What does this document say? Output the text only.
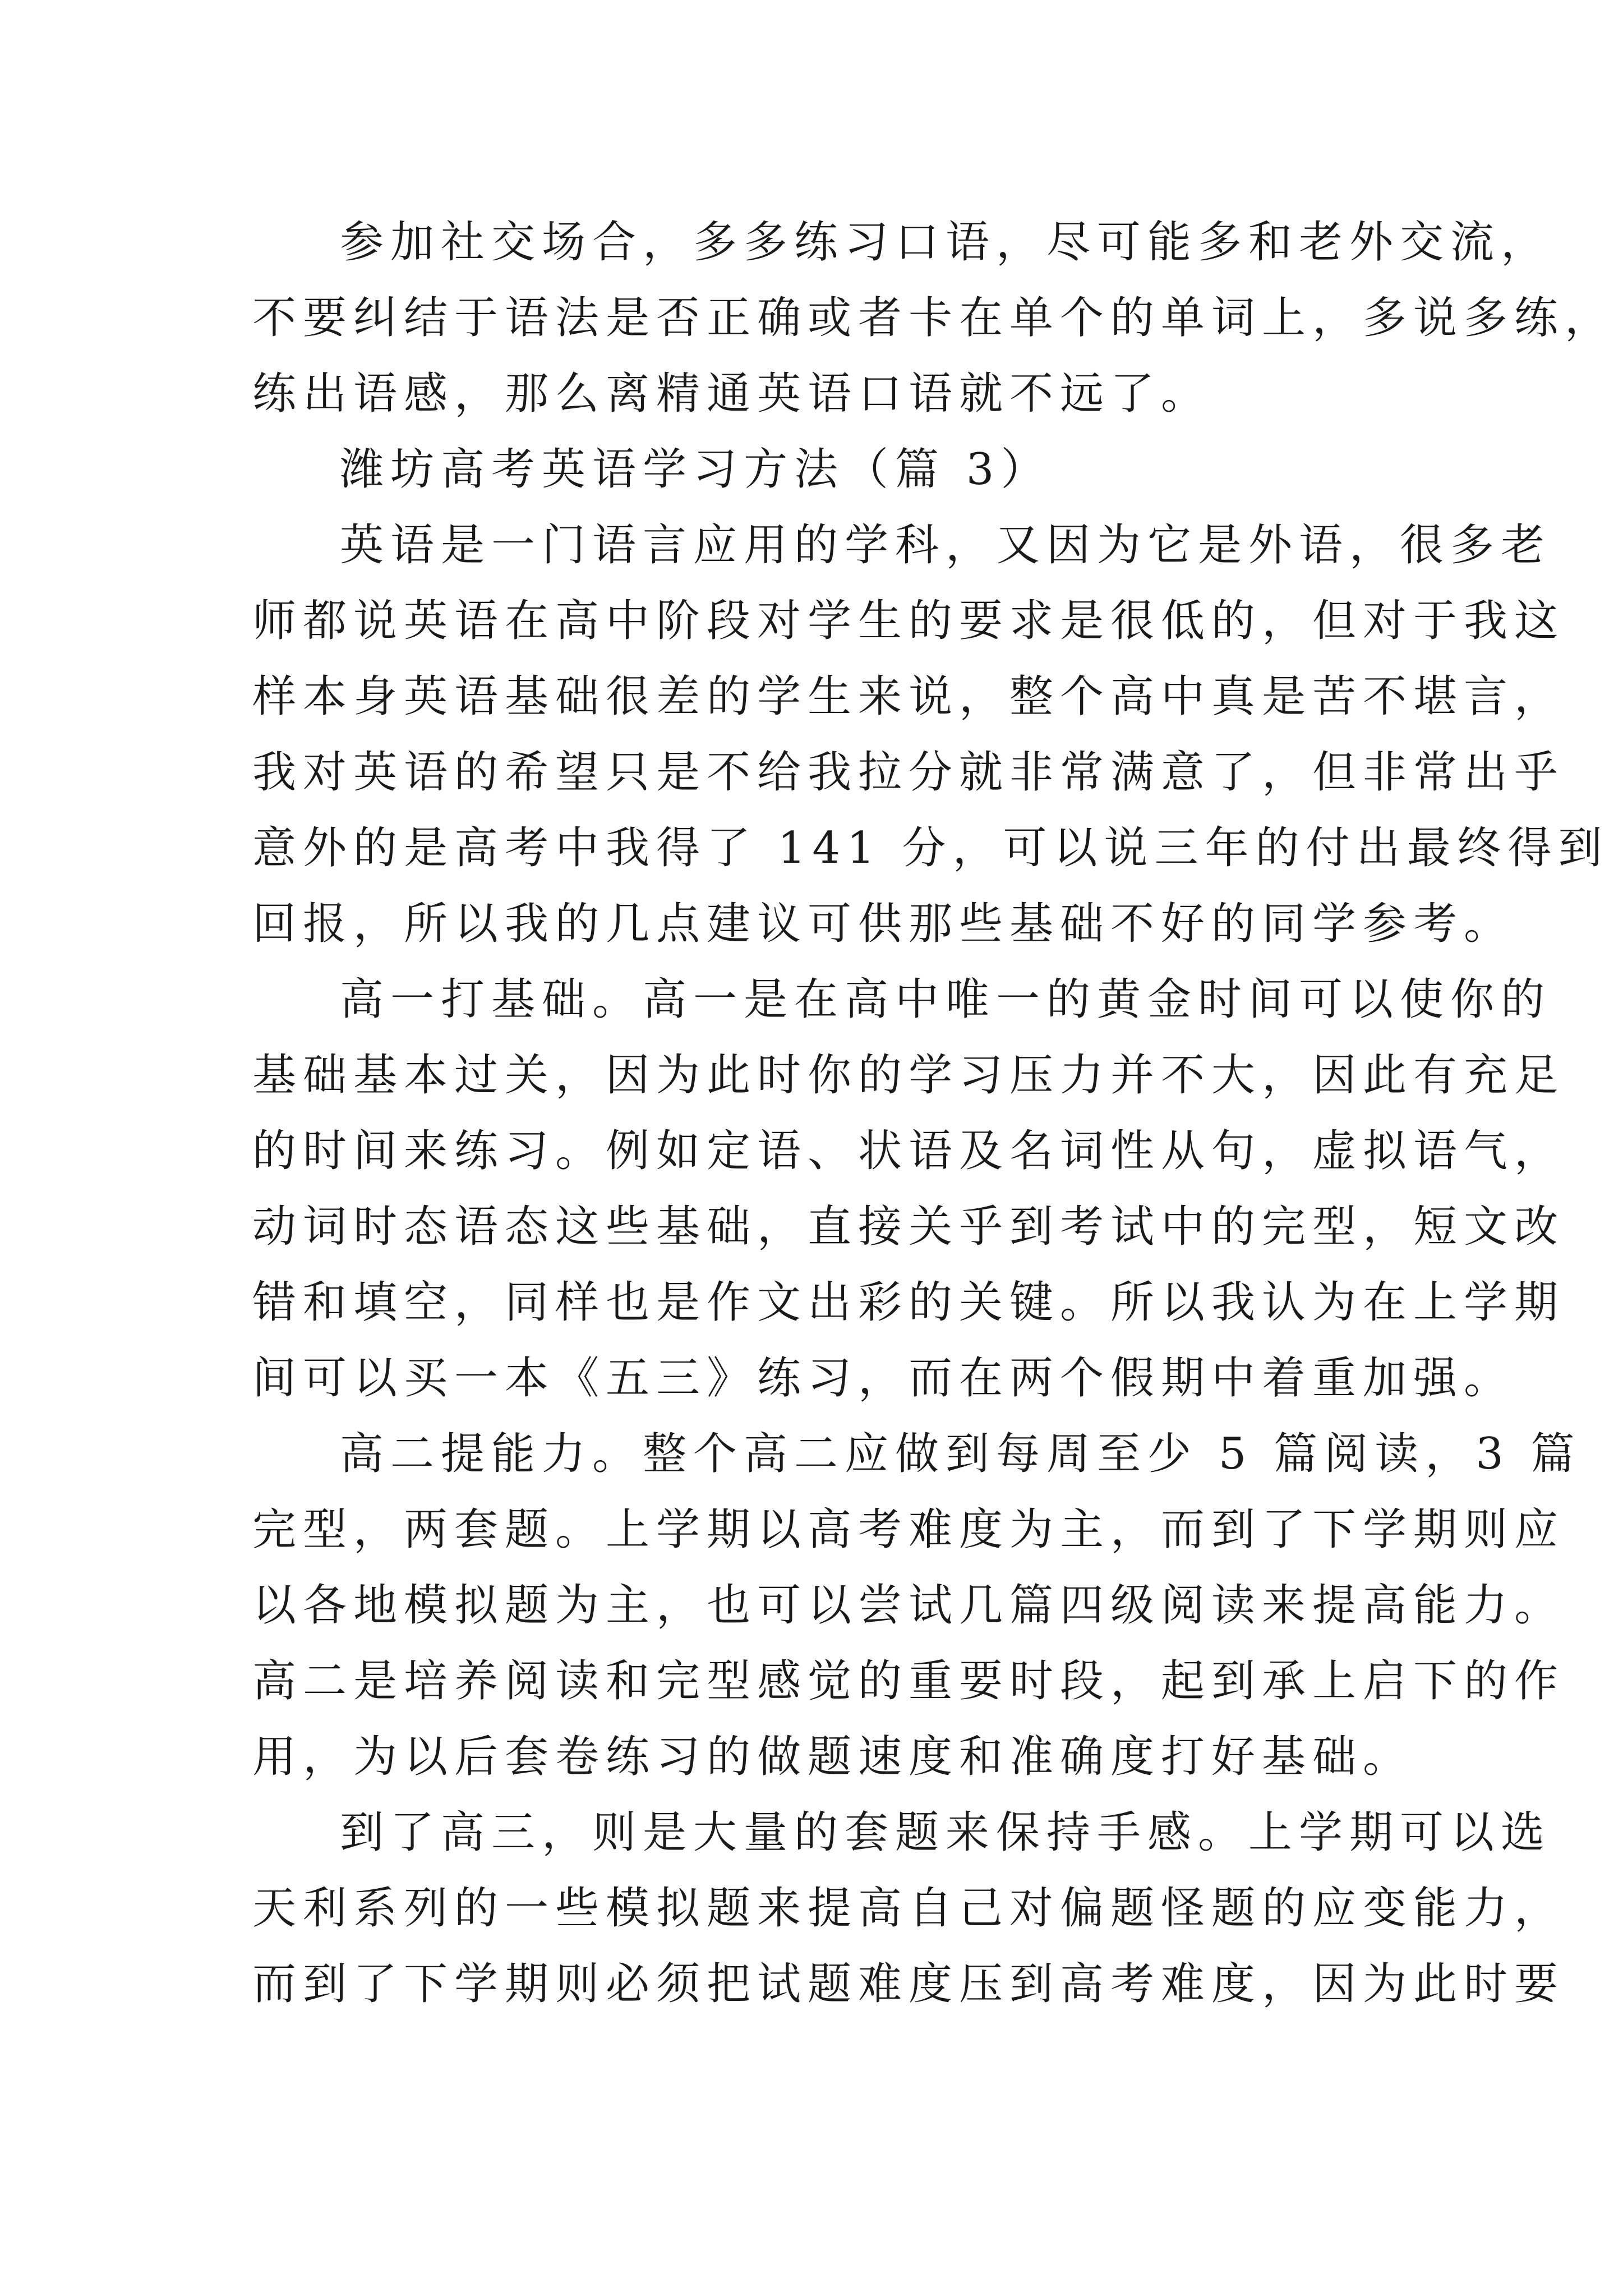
参加社交场合，多多练习口语，尽可能多和老外交流，
不要纠结于语法是否正确或者卡在单个的单词上，多说多练，
练出语感，那么离精通英语口语就不远了。

潍坊高考英语学习方法（篇 3）

英语是一门语言应用的学科，又因为它是外语，很多老
师都说英语在高中阶段对学生的要求是很低的，但对于我这
样本身英语基础很差的学生来说，整个高中真是苦不堪言，
我对英语的希望只是不给我拉分就非常满意了，但非常出乎
意外的是高考中我得了 141 分，可以说三年的付出最终得到
回报，所以我的几点建议可供那些基础不好的同学参考。

高一打基础。高一是在高中唯一的黄金时间可以使你的
基础基本过关，因为此时你的学习压力并不大，因此有充足
的时间来练习。例如定语、状语及名词性从句，虚拟语气，
动词时态语态这些基础，直接关乎到考试中的完型，短文改
错和填空，同样也是作文出彩的关键。所以我认为在上学期
间可以买一本《五三》练习，而在两个假期中着重加强。

高二提能力。整个高二应做到每周至少 5 篇阅读，3 篇
完型，两套题。上学期以高考难度为主，而到了下学期则应
以各地模拟题为主，也可以尝试几篇四级阅读来提高能力。
高二是培养阅读和完型感觉的重要时段，起到承上启下的作
用，为以后套卷练习的做题速度和准确度打好基础。

到了高三，则是大量的套题来保持手感。上学期可以选
天利系列的一些模拟题来提高自己对偏题怪题的应变能力，
而到了下学期则必须把试题难度压到高考难度，因为此时要
